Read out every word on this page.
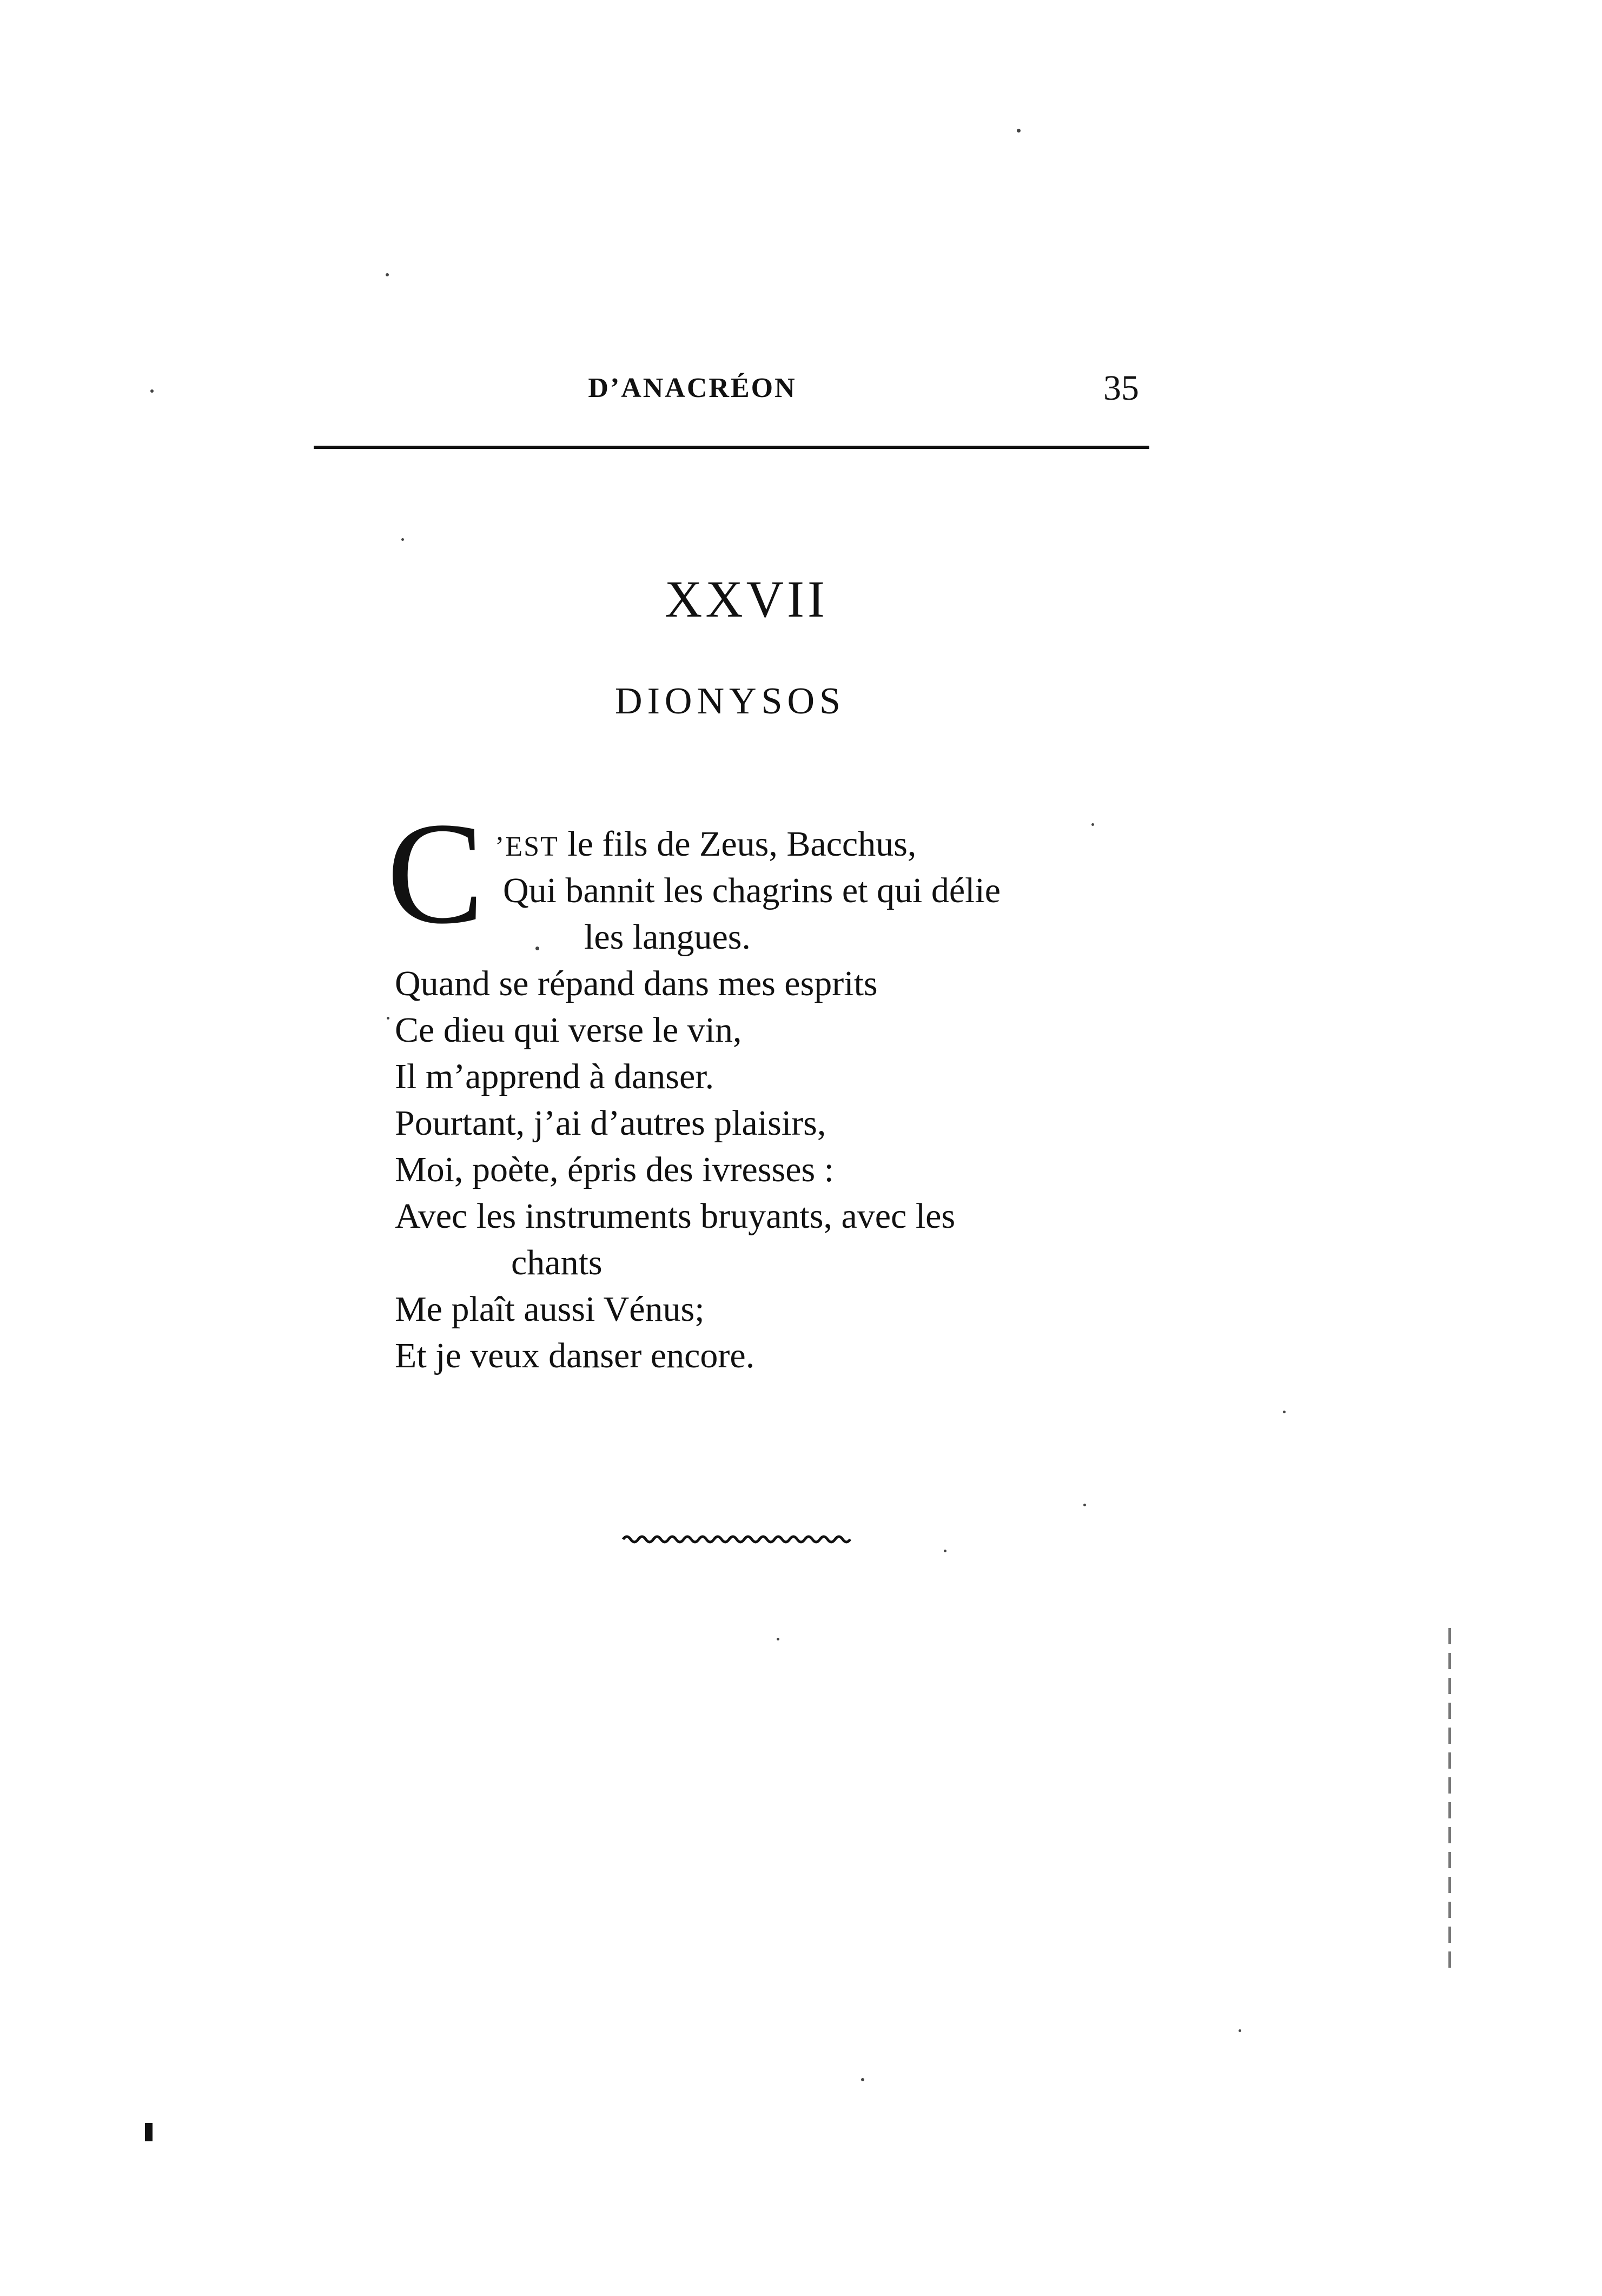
D’ANACRÉON	35
XXVII
DIONYSOS
C ’EST le fils de Zeus, Bacchus,
Qui bannit les chagrins et qui délie
les langues.
Quand se répand dans mes esprits
Ce dieu qui verse le vin,
Il m’apprend à danser.
Pourtant, j’ai d’autres plaisirs,
Moi, poète, épris des ivresses :
Avec les instruments bruyants, avec les
chants
Me plaît aussi Vénus;
Et je veux danser encore.
